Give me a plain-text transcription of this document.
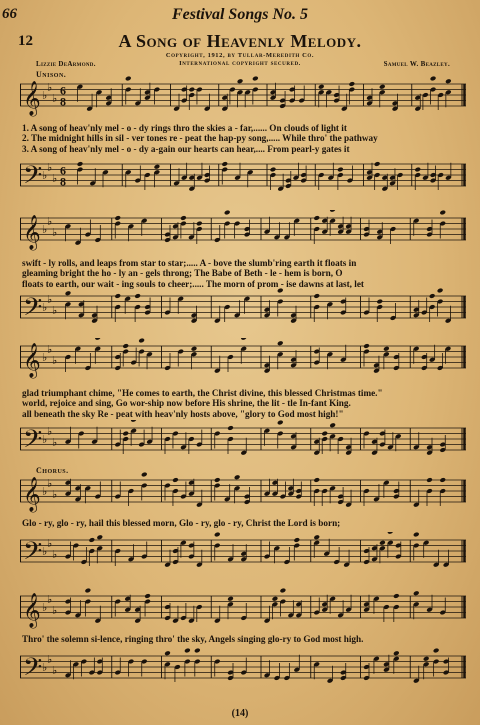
66	Festival Songs No. 5
12	A Song of Heavenly Melody.
Copyright, 1912, by Tullar-Meredith Co.
International copyright secured.
Lizzie DeArmond.	Samuel W. Beazley.
Unison.
𝄞 ♭
♭
♭
6
8
1. A song of heav'nly mel - o - dy rings thro the skies a - far,...... On clouds of light it
2. The midnight hills in sil - ver tones re - peat the hap-py song,..... While thro' the pathway
3. A song of heav'nly mel - o - dy a-gain our hearts can hear,.... From pearl-y gates it
𝄢 ♭
♭
♭
6
8
𝄞 ♭
♭
♭
swift - ly rolls, and leaps from star to star;..... A - bove the slumb'ring earth it floats in
gleaming bright the ho - ly an - gels throng; The Babe of Beth - le - hem is born, O
floats to earth, our wait - ing souls to cheer;..... The morn of prom - ise dawns at last, let
𝄢 ♭
♭
♭
𝄞 ♭
♭
♭
glad triumphant chime, "He comes to earth, the Christ divine, this blessed Christmas time."
world, rejoice and sing, Go wor-ship now before His shrine, the lit - tle In-fant King.
all beneath the sky Re - peat with heav'nly hosts above, "glory to God most high!"
𝄢 ♭
♭
♭
Chorus.
𝄞 ♭
♭
♭
Glo - ry, glo - ry, hail this blessed morn, Glo - ry, glo - ry, Christ the Lord is born;
𝄢 ♭
♭
♭
𝄞 ♭
♭
♭
Thro' the solemn si-lence, ringing thro' the sky, Angels singing glo-ry to God most high.
𝄢 ♭
♭
♭
(14)
